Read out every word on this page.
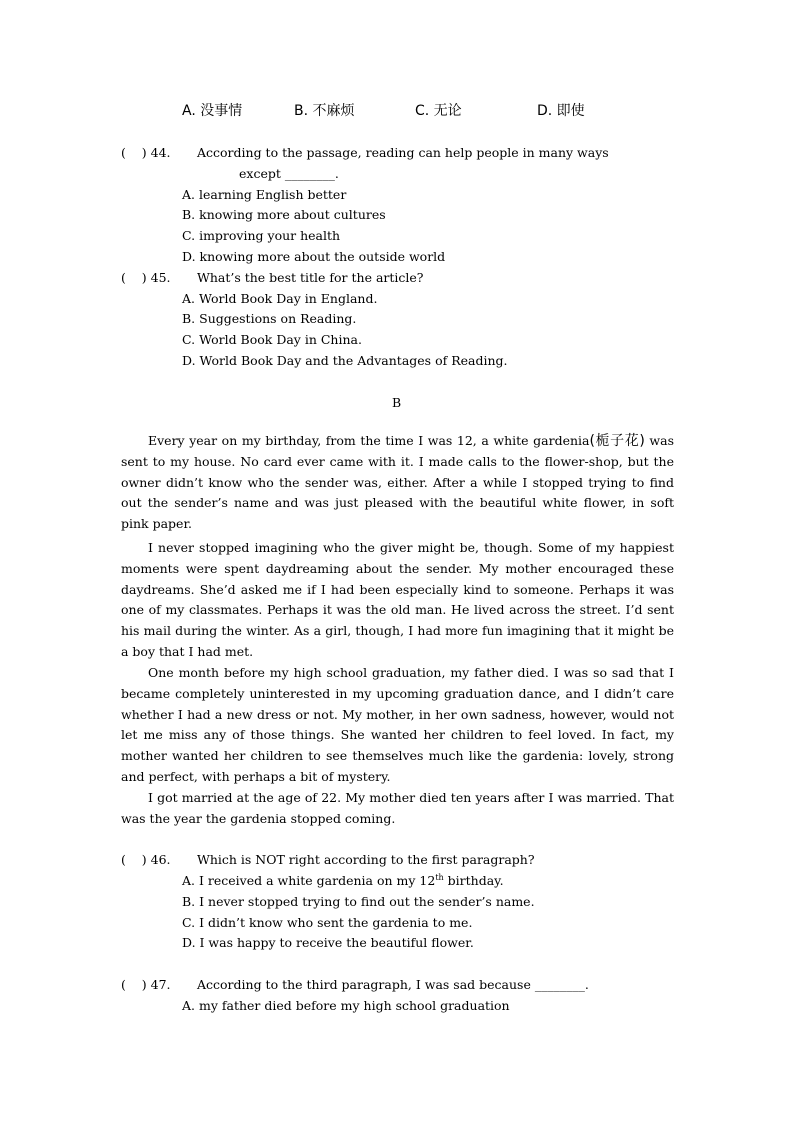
A. 没事情	B. 不麻烦	C. 无论	D. 即使
(    ) 44. According to the passage, reading can help people in many ways
except ________.
A. learning English better
B. knowing more about cultures
C. improving your health
D. knowing more about the outside world
(    ) 45. What’s the best title for the article?
A. World Book Day in England.
B. Suggestions on Reading.
C. World Book Day in China.
D. World Book Day and the Advantages of Reading.
B
Every year on my birthday, from the time I was 12, a white gardenia(栀子花) was sent to my house. No card ever came with it. I made calls to the flower-shop, but the owner didn’t know who the sender was, either. After a while I stopped trying to find out the sender’s name and was just pleased with the beautiful white flower, in soft pink paper.
I never stopped imagining who the giver might be, though. Some of my happiest moments were spent daydreaming about the sender. My mother encouraged these daydreams. She’d asked me if I had been especially kind to someone. Perhaps it was one of my classmates. Perhaps it was the old man. He lived across the street. I’d sent his mail during the winter. As a girl, though, I had more fun imagining that it might be a boy that I had met.
One month before my high school graduation, my father died. I was so sad that I became completely uninterested in my upcoming graduation dance, and I didn’t care whether I had a new dress or not. My mother, in her own sadness, however, would not let me miss any of those things. She wanted her children to feel loved. In fact, my mother wanted her children to see themselves much like the gardenia: lovely, strong and perfect, with perhaps a bit of mystery.
I got married at the age of 22. My mother died ten years after I was married. That was the year the gardenia stopped coming.
(    ) 46. Which is NOT right according to the first paragraph?
A. I received a white gardenia on my 12th birthday.
B. I never stopped trying to find out the sender’s name.
C. I didn’t know who sent the gardenia to me.
D. I was happy to receive the beautiful flower.
(    ) 47. According to the third paragraph, I was sad because ________.
A. my father died before my high school graduation
